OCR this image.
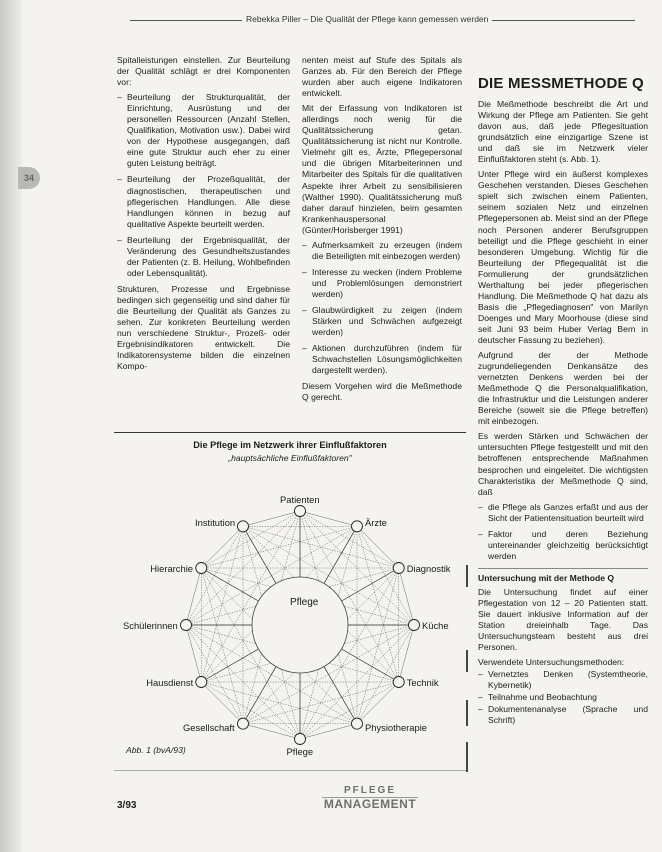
Rebekka Piller – Die Qualität der Pflege kann gemessen werden
34

Spitalleistungen einstellen. Zur Beurteilung der Qualität schlägt er drei Komponenten vor:

– Beurteilung der Strukturqualität, der Einrichtung, Ausrüstung und der personellen Ressourcen (Anzahl Stellen, Qualifikation, Motivation usw.). Dabei wird von der Hypothese ausgegangen, daß eine gute Struktur auch eher zu einer guten Leistung beiträgt.
– Beurteilung der Prozeßqualität, der diagnostischen, therapeutischen und pflegerischen Handlungen. Alle diese Handlungen können in bezug auf qualitative Aspekte beurteilt werden.
– Beurteilung der Ergebnisqualität, der Veränderung des Gesundheitszustandes der Patienten (z. B. Heilung, Wohlbefinden oder Lebensqualität).

Strukturen, Prozesse und Ergebnisse bedingen sich gegenseitig und sind daher für die Beurteilung der Qualität als Ganzes zu sehen. Zur konkreten Beurteilung werden nun verschiedene Struktur-, Prozeß- oder Ergebnisindikatoren entwickelt. Die Indikatorensysteme bilden die einzelnen Kompo-

nenten meist auf Stufe des Spitals als Ganzes ab. Für den Bereich der Pflege wurden aber auch eigene Indikatoren entwickelt.

Mit der Erfassung von Indikatoren ist allerdings noch wenig für die Qualitätssicherung getan. Qualitätssicherung ist nicht nur Kontrolle. Vielmehr gilt es, Ärzte, Pflegepersonal und die übrigen Mitarbeiterinnen und Mitarbeiter des Spitals für die qualitativen Aspekte ihrer Arbeit zu sensibilisieren (Walther 1990). Qualitätssicherung muß daher darauf hinzielen, beim gesamten Krankenhauspersonal (Günter/Horisberger 1991)

– Aufmerksamkeit zu erzeugen (indem die Beteiligten mit einbezogen werden)
– Interesse zu wecken (indem Probleme und Problemlösungen demonstriert werden)
– Glaubwürdigkeit zu zeigen (indem Stärken und Schwächen aufgezeigt werden)
– Aktionen durchzuführen (indem für Schwachstellen Lösungsmöglichkeiten dargestellt werden).

Diesem Vorgehen wird die Meßmethode Q gerecht.

DIE MESSMETHODE Q

Die Meßmethode beschreibt die Art und Wirkung der Pflege am Patienten. Sie geht davon aus, daß jede Pflegesituation grundsätzlich eine einzigartige Szene ist und daß sie im Netzwerk vieler Einflußfaktoren steht (s. Abb. 1).

Unter Pflege wird ein äußerst komplexes Geschehen verstanden. Dieses Geschehen spielt sich zwischen einem Patienten, seinem sozialen Netz und einzelnen Pflegepersonen ab. Meist sind an der Pflege noch Personen anderer Berufsgruppen beteiligt und die Pflege geschieht in einer besonderen Umgebung. Wichtig für die Beurteilung der Pflegequalität ist die Formulierung der grundsätzlichen Werthaltung bei jeder pflegerischen Handlung. Die Meßmethode Q hat dazu als Basis die „Pflegediagnosen" von Marilyn Doenges und Mary Moorhouse (diese sind seit Juni 93 beim Huber Verlag Bern in deutscher Fassung zu beziehen).

Aufgrund der der Methode zugrundeliegenden Denkansätze des vernetzten Denkens werden bei der Meßmethode Q die Personalqualifikation, die Infrastruktur und die Leistungen anderer Bereiche (soweit sie die Pflege betreffen) mit einbezogen.

Es werden Stärken und Schwächen der untersuchten Pflege festgestellt und mit den betroffenen entsprechende Maßnahmen besprochen und eingeleitet. Die wichtigsten Charakteristika der Meßmethode Q sind, daß

– die Pflege als Ganzes erfaßt und aus der Sicht der Patientensituation beurteilt wird
– Faktor und deren Beziehung untereinander gleichzeitig berücksichtigt werden
Untersuchung mit der Methode Q

Die Untersuchung findet auf einer Pflegestation von 12 – 20 Patienten statt. Sie dauert inklusive Information auf der Station dreieinhalb Tage. Das Untersuchungsteam besteht aus drei Personen.

Verwendete Untersuchungsmethoden:

– Vernetztes Denken (Systemtheorie, Kybernetik)
– Teilnahme und Beobachtung
– Dokumentenanalyse (Sprache und Schrift)
Die Pflege im Netzwerk ihrer Einflußfaktoren
„hauptsächliche Einflußfaktoren"
Patienten
Ärzte
Diagnostik
Küche
Technik
Physiotherapie
Pflege
Gesellschaft
Hausdienst
Schülerinnen
Hierarchie
Institution
Pflege
Abb. 1 (bvA/93)
3/93
PFLEGE
MANAGEMENT
